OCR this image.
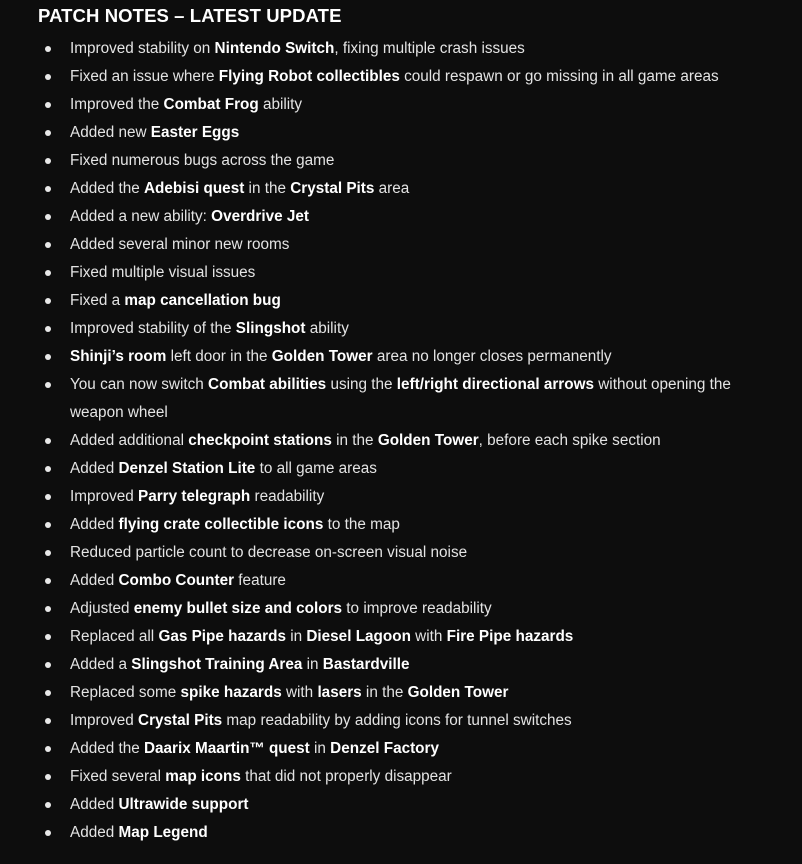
PATCH NOTES – LATEST UPDATE
Improved stability on Nintendo Switch, fixing multiple crash issues
Fixed an issue where Flying Robot collectibles could respawn or go missing in all game areas
Improved the Combat Frog ability
Added new Easter Eggs
Fixed numerous bugs across the game
Added the Adebisi quest in the Crystal Pits area
Added a new ability: Overdrive Jet
Added several minor new rooms
Fixed multiple visual issues
Fixed a map cancellation bug
Improved stability of the Slingshot ability
Shinji’s room left door in the Golden Tower area no longer closes permanently
You can now switch Combat abilities using the left/right directional arrows without opening the weapon wheel
Added additional checkpoint stations in the Golden Tower, before each spike section
Added Denzel Station Lite to all game areas
Improved Parry telegraph readability
Added flying crate collectible icons to the map
Reduced particle count to decrease on-screen visual noise
Added Combo Counter feature
Adjusted enemy bullet size and colors to improve readability
Replaced all Gas Pipe hazards in Diesel Lagoon with Fire Pipe hazards
Added a Slingshot Training Area in Bastardville
Replaced some spike hazards with lasers in the Golden Tower
Improved Crystal Pits map readability by adding icons for tunnel switches
Added the Daarix Maartin™ quest in Denzel Factory
Fixed several map icons that did not properly disappear
Added Ultrawide support
Added Map Legend
